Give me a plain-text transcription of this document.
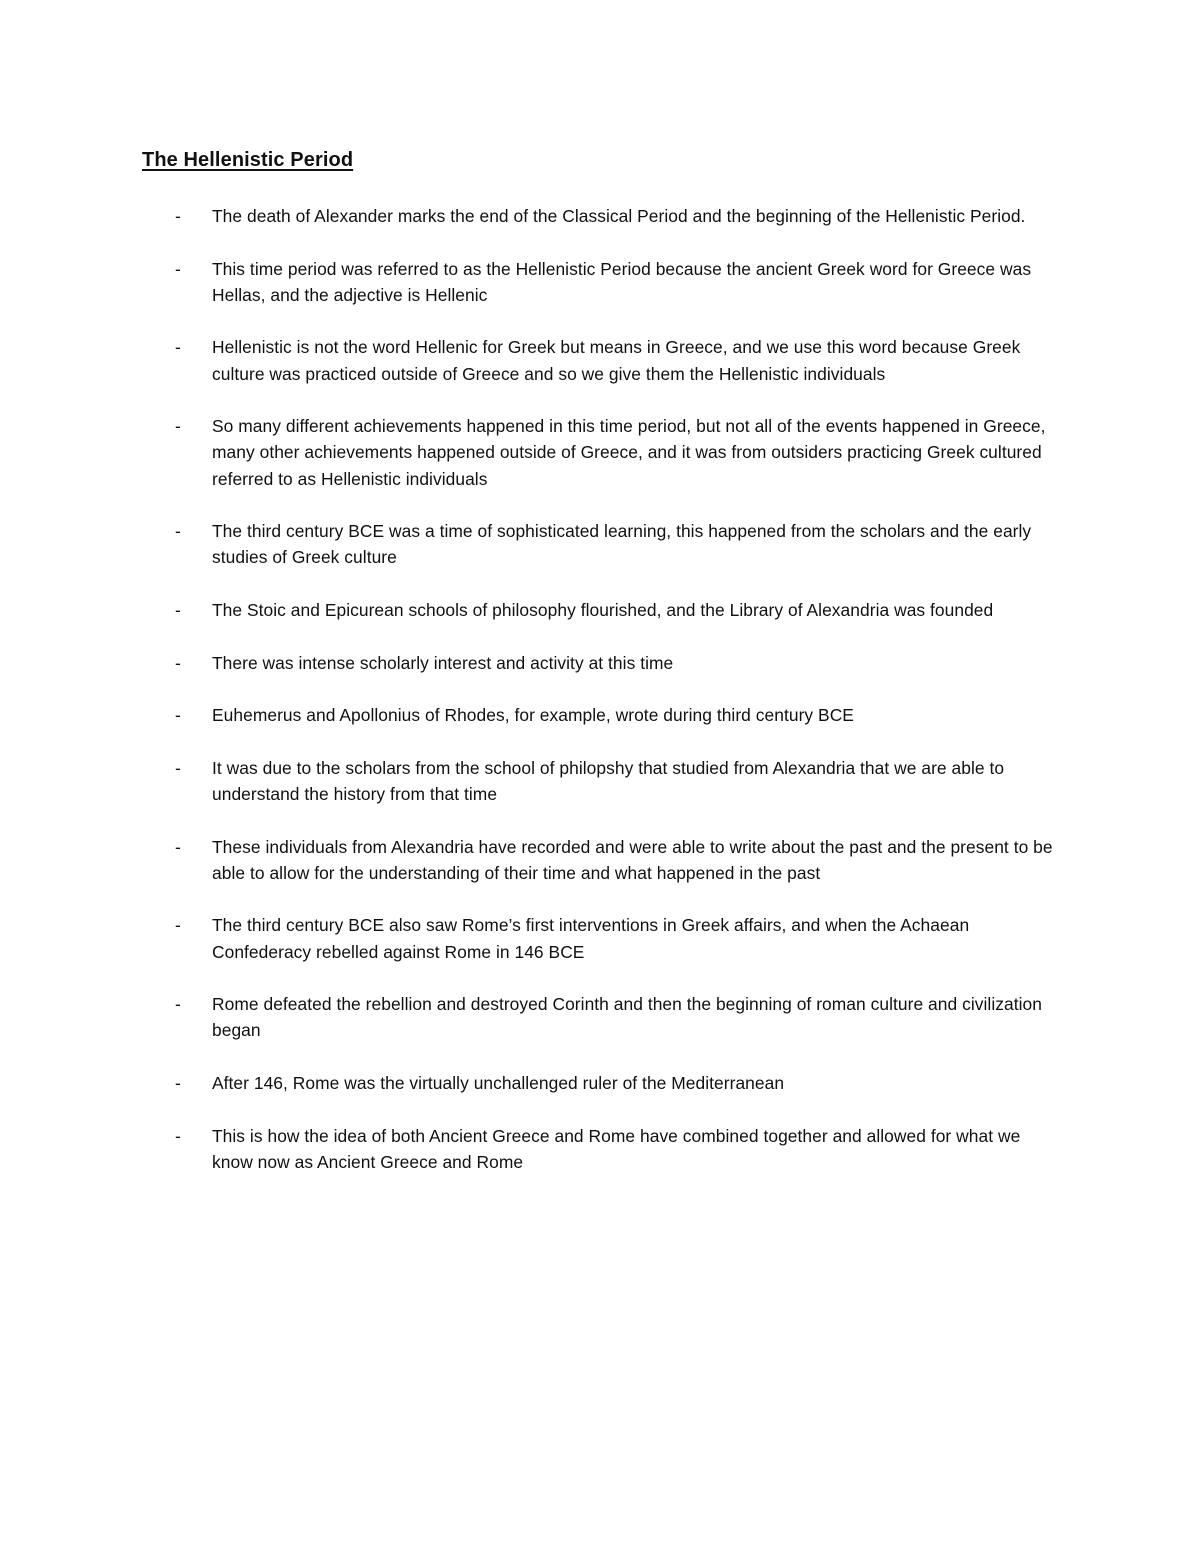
The Hellenistic Period
- The death of Alexander marks the end of the Classical Period and the beginning of the Hellenistic Period.
- This time period was referred to as the Hellenistic Period because the ancient Greek word for Greece was Hellas, and the adjective is Hellenic
- Hellenistic is not the word Hellenic for Greek but means in Greece, and we use this word because Greek culture was practiced outside of Greece and so we give them the Hellenistic individuals
- So many different achievements happened in this time period, but not all of the events happened in Greece, many other achievements happened outside of Greece, and it was from outsiders practicing Greek cultured referred to as Hellenistic individuals
- The third century BCE was a time of sophisticated learning, this happened from the scholars and the early studies of Greek culture
- The Stoic and Epicurean schools of philosophy flourished, and the Library of Alexandria was founded
- There was intense scholarly interest and activity at this time
- Euhemerus and Apollonius of Rhodes, for example, wrote during third century BCE
- It was due to the scholars from the school of philopshy that studied from Alexandria that we are able to understand the history from that time
- These individuals from Alexandria have recorded and were able to write about the past and the present to be able to allow for the understanding of their time and what happened in the past
- The third century BCE also saw Rome’s first interventions in Greek affairs, and when the Achaean Confederacy rebelled against Rome in 146 BCE
- Rome defeated the rebellion and destroyed Corinth and then the beginning of roman culture and civilization began
- After 146, Rome was the virtually unchallenged ruler of the Mediterranean
- This is how the idea of both Ancient Greece and Rome have combined together and allowed for what we know now as Ancient Greece and Rome
